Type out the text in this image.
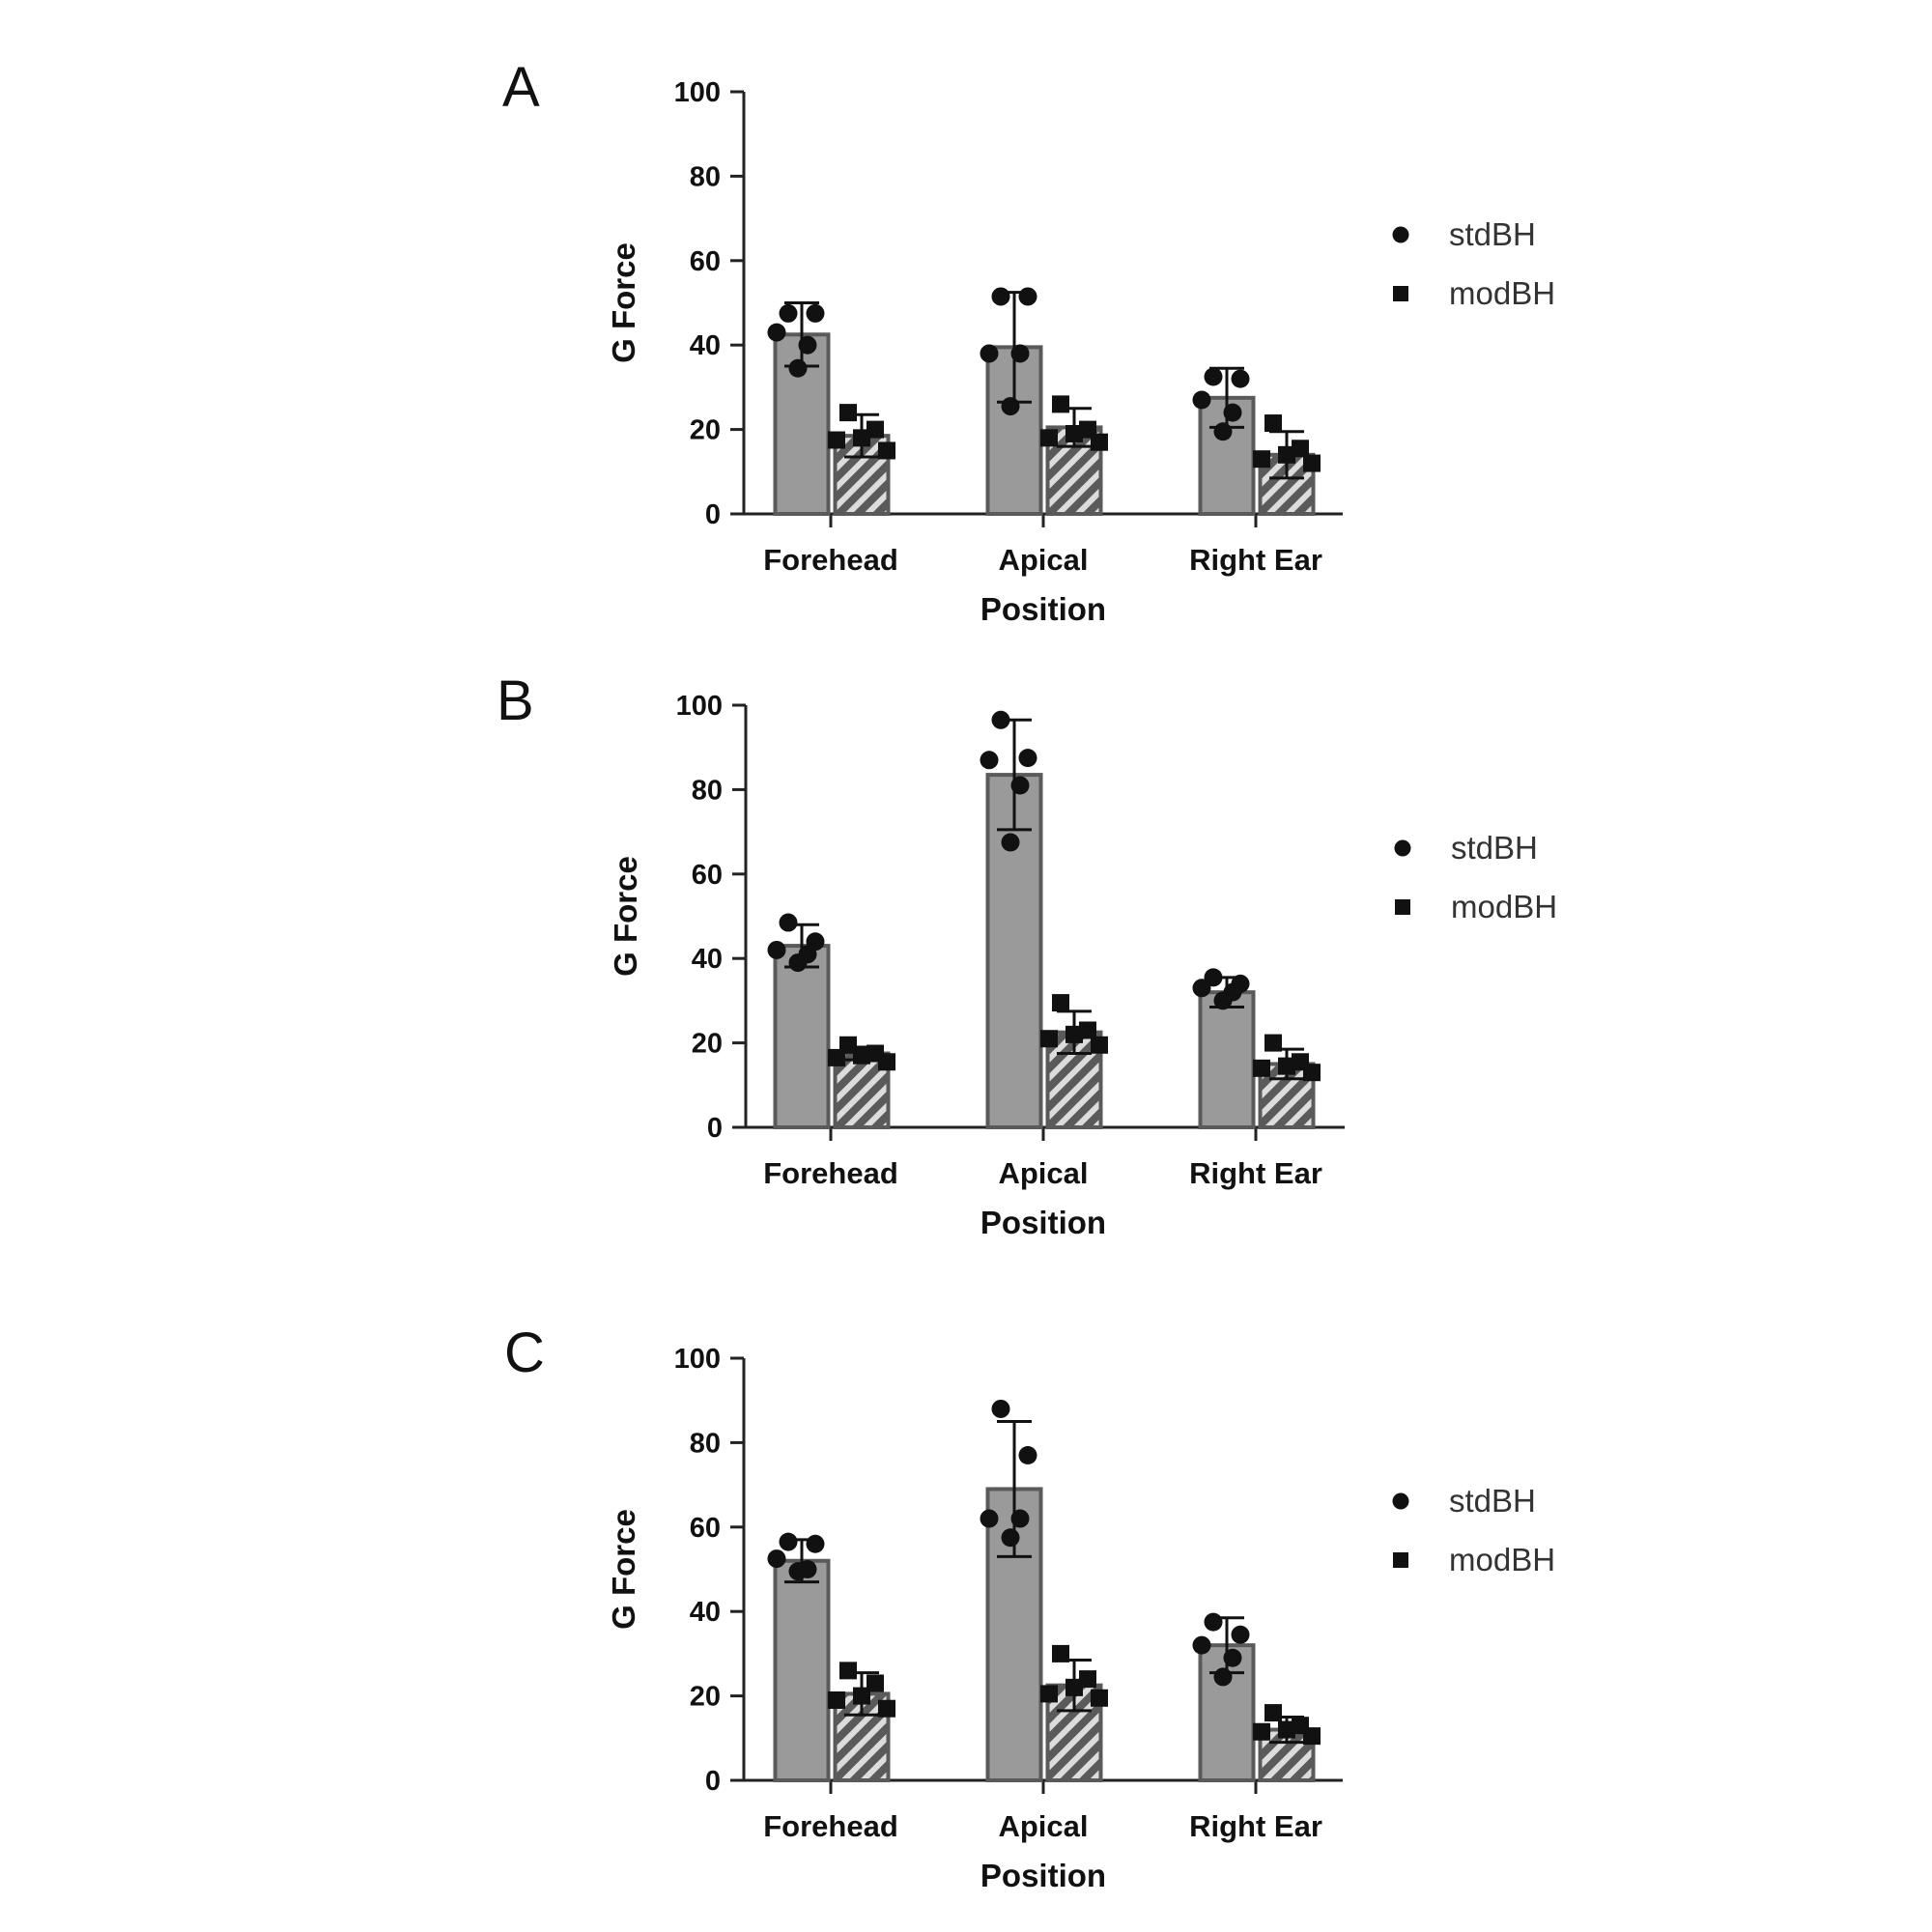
A
0
20
40
60
80
100
G Force
Forehead	Apical	Right Ear
Position
stdBH
modBH
B
0
20
40
60
80
100
G Force
Forehead	Apical	Right Ear
Position
stdBH
modBH
C
0
20
40
60
80
100
G Force
Forehead	Apical	Right Ear
Position
stdBH
modBH
